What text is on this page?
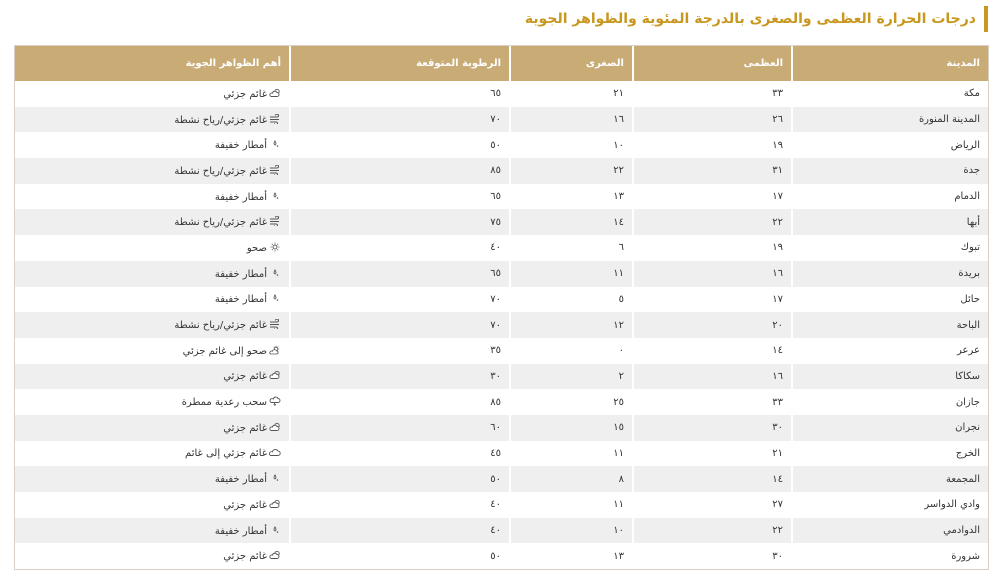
درجات الحرارة العظمى والصغرى بالدرجة المئوية والظواهر الجوية
المدينة	العظمى	الصغرى	الرطوبة المتوقعة	أهم الظواهر الجوية
مكة	٣٣	٢١	٦٥	غائم جزئي
المدينة المنورة	٢٦	١٦	٧٠	غائم جزئي/رياح نشطة
الرياض	١٩	١٠	٥٠	أمطار خفيفة
جدة	٣١	٢٢	٨٥	غائم جزئي/رياح نشطة
الدمام	١٧	١٣	٦٥	أمطار خفيفة
أبها	٢٢	١٤	٧٥	غائم جزئي/رياح نشطة
تبوك	١٩	٦	٤٠	صحو
بريدة	١٦	١١	٦٥	أمطار خفيفة
حائل	١٧	٥	٧٠	أمطار خفيفة
الباحة	٢٠	١٢	٧٠	غائم جزئي/رياح نشطة
عرعر	١٤	٠	٣٥	صحو إلى غائم جزئي
سكاكا	١٦	٢	٣٠	غائم جزئي
جازان	٣٣	٢٥	٨٥	سحب رعدية ممطرة
نجران	٣٠	١٥	٦٠	غائم جزئي
الخرج	٢١	١١	٤٥	غائم جزئي إلى غائم
المجمعة	١٤	٨	٥٠	أمطار خفيفة
وادي الدواسر	٢٧	١١	٤٠	غائم جزئي
الدوادمي	٢٢	١٠	٤٠	أمطار خفيفة
شرورة	٣٠	١٣	٥٠	غائم جزئي
